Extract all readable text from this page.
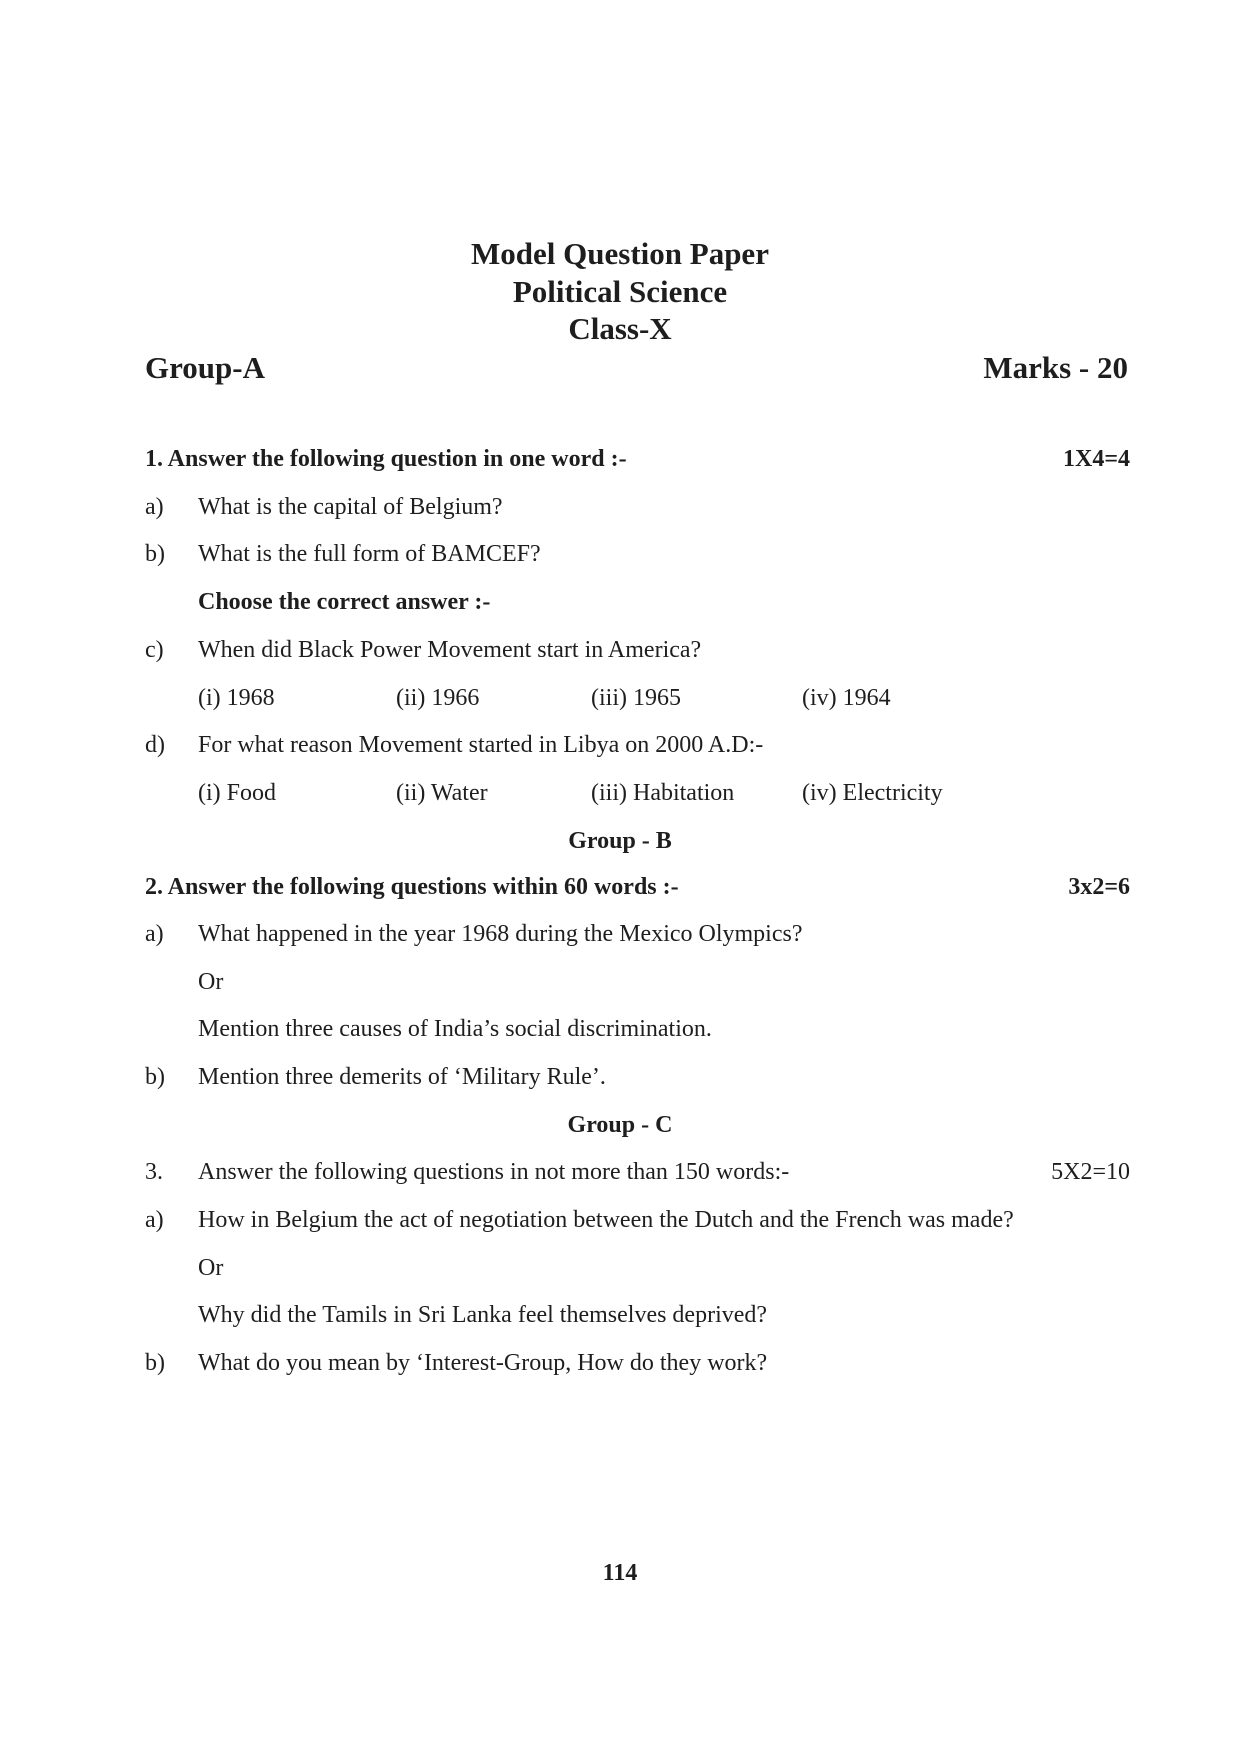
Model Question Paper
Political Science
Class-X
Group-A	Marks - 20
1. Answer the following question in one word :-	1X4=4
a) What is the capital of Belgium?
b) What is the full form of BAMCEF?
Choose the correct answer :-
c) When did Black Power Movement start in America?
(i) 1968	(ii) 1966	(iii) 1965	(iv) 1964
d) For what reason Movement started in Libya on 2000 A.D:-
(i) Food	(ii) Water	(iii) Habitation	(iv) Electricity
Group - B
2. Answer the following questions within 60 words :-	3x2=6
a) What happened in the year 1968 during the Mexico Olympics?
Or
Mention three causes of India’s social discrimination.
b) Mention three demerits of ‘Military Rule’.
Group - C
3. Answer the following questions in not more than 150 words:-	5X2=10
a) How in Belgium the act of negotiation between the Dutch and the French was made?
Or
Why did the Tamils in Sri Lanka feel themselves deprived?
b) What do you mean by ‘Interest-Group, How do they work?
114
